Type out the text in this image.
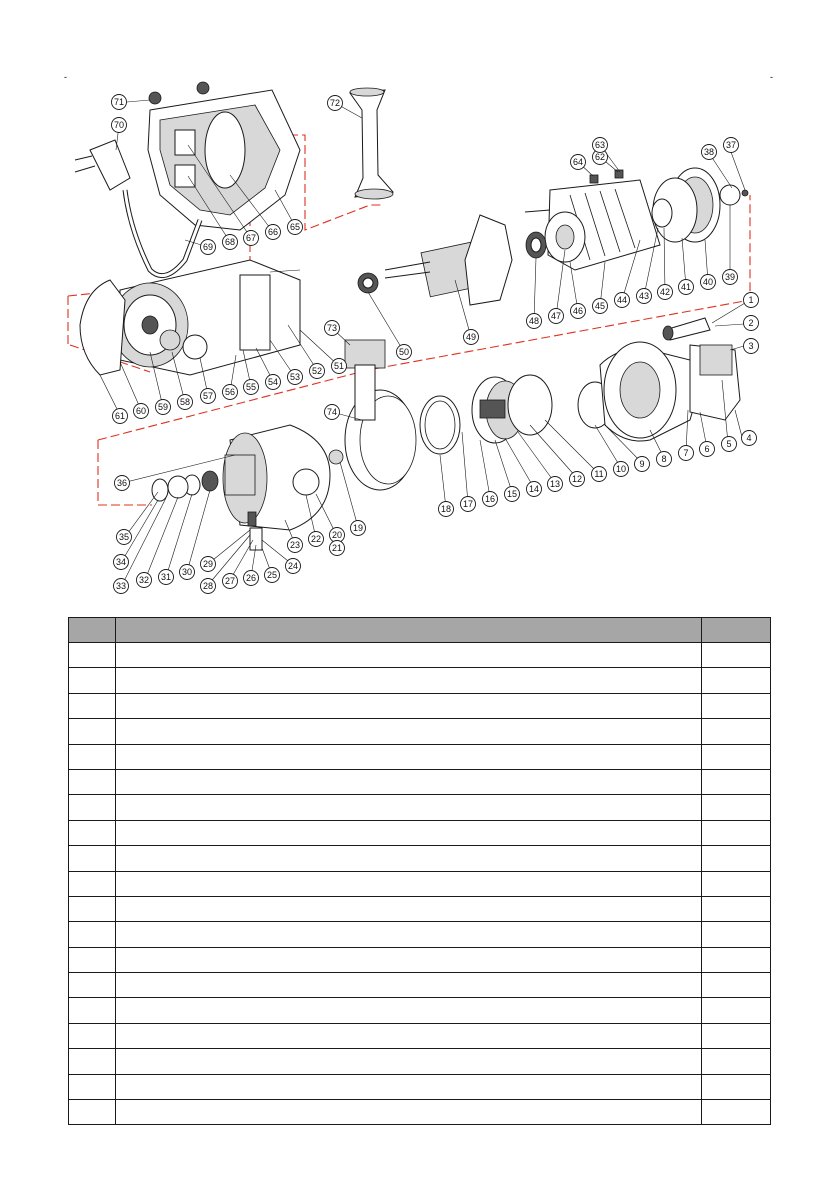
-	-
1
2
3
4
5
6
7
8
9
10
11
12
13
14
15
16
17
18
19
20
21
22
23
24
25
26
27
28
29
30
31
32
33
34
35
36
37
38
39
40
41
42
43
44
45
46
47
48
49
50
51
52
53
54
55
56
57
58
59
60
61
62
63
64
65
66
67
68
69
70
71	72
73
74
